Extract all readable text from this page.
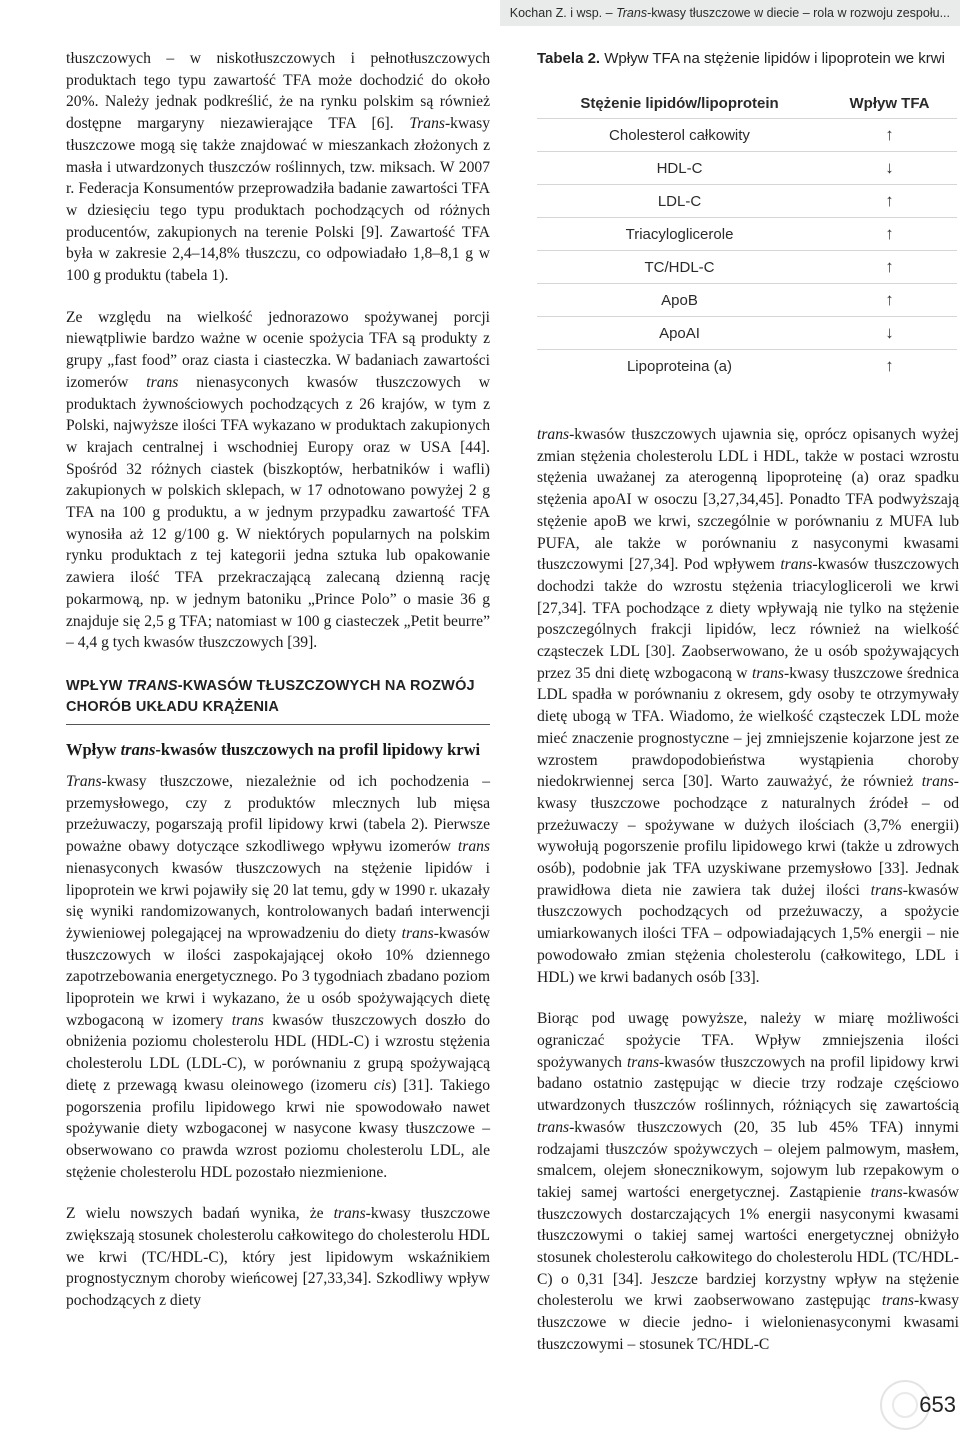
Kochan Z. i wsp. – Trans-kwasy tłuszczowe w diecie – rola w rozwoju zespołu...

tłuszczowych – w niskotłuszczowych i pełnotłuszczowych produktach tego typu zawartość TFA może dochodzić do około 20%. Należy jednak podkreślić, że na rynku polskim są również dostępne margaryny niezawierające TFA [6]. Trans-kwasy tłuszczowe mogą się także znajdować w mieszankach złożonych z masła i utwardzonych tłuszczów roślinnych, tzw. miksach. W 2007 r. Federacja Konsumentów przeprowadziła badanie zawartości TFA w dziesięciu tego typu produktach pochodzących od różnych producentów, zakupionych na terenie Polski [9]. Zawartość TFA była w zakresie 2,4–14,8% tłuszczu, co odpowiadało 1,8–8,1 g w 100 g produktu (tabela 1).

Ze względu na wielkość jednorazowo spożywanej porcji niewątpliwie bardzo ważne w ocenie spożycia TFA są produkty z grupy „fast food” oraz ciasta i ciasteczka. W badaniach zawartości izomerów trans nienasyconych kwasów tłuszczowych w produktach żywnościowych pochodzących z 26 krajów, w tym z Polski, najwyższe ilości TFA wykazano w produktach zakupionych w krajach centralnej i wschodniej Europy oraz w USA [44]. Spośród 32 różnych ciastek (biszkoptów, herbatników i wafli) zakupionych w polskich sklepach, w 17 odnotowano powyżej 2 g TFA na 100 g produktu, a w jednym przypadku zawartość TFA wynosiła aż 12 g/100 g. W niektórych popularnych na polskim rynku produktach z tej kategorii jedna sztuka lub opakowanie zawiera ilość TFA przekraczającą zalecaną dzienną rację pokarmową, np. w jednym batoniku „Prince Polo” o masie 36 g znajduje się 2,5 g TFA; natomiast w 100 g ciasteczek „Petit beurre” – 4,4 g tych kwasów tłuszczowych [39].

WPŁYW TRANS-KWASÓW TŁUSZCZOWYCH NA ROZWÓJ CHORÓB UKŁADU KRĄŻENIA
Wpływ trans-kwasów tłuszczowych na profil lipidowy krwi

Trans-kwasy tłuszczowe, niezależnie od ich pochodzenia – przemysłowego, czy z produktów mlecznych lub mięsa przeżuwaczy, pogarszają profil lipidowy krwi (tabela 2). Pierwsze poważne obawy dotyczące szkodliwego wpływu izomerów trans nienasyconych kwasów tłuszczowych na stężenie lipidów i lipoprotein we krwi pojawiły się 20 lat temu, gdy w 1990 r. ukazały się wyniki randomizowanych, kontrolowanych badań interwencji żywieniowej polegającej na wprowadzeniu do diety trans-kwasów tłuszczowych w ilości zaspokajającej około 10% dziennego zapotrzebowania energetycznego. Po 3 tygodniach zbadano poziom lipoprotein we krwi i wykazano, że u osób spożywających dietę wzbogaconą w izomery trans kwasów tłuszczowych doszło do obniżenia poziomu cholesterolu HDL (HDL-C) i wzrostu stężenia cholesterolu LDL (LDL-C), w porównaniu z grupą spożywającą dietę z przewagą kwasu oleinowego (izomeru cis) [31]. Takiego pogorszenia profilu lipidowego krwi nie spowodowało nawet spożywanie diety wzbogaconej w nasycone kwasy tłuszczowe – obserwowano co prawda wzrost poziomu cholesterolu LDL, ale stężenie cholesterolu HDL pozostało niezmienione.

Z wielu nowszych badań wynika, że trans-kwasy tłuszczowe zwiększają stosunek cholesterolu całkowitego do cholesterolu HDL we krwi (TC/HDL-C), który jest lipidowym wskaźnikiem prognostycznym choroby wieńcowej [27,33,34]. Szkodliwy wpływ pochodzących z diety

Tabela 2. Wpływ TFA na stężenie lipidów i lipoprotein we krwi
Stężenie lipidów/lipoprotein	Wpływ TFA
Cholesterol całkowity	↑
HDL-C	↓
LDL-C	↑
Triacyloglicerole	↑
TC/HDL-C	↑
ApoB	↑
ApoAI	↓
Lipoproteina (a)	↑

trans-kwasów tłuszczowych ujawnia się, oprócz opisanych wyżej zmian stężenia cholesterolu LDL i HDL, także w postaci wzrostu stężenia uważanej za aterogenną lipoproteinę (a) oraz spadku stężenia apoAI w osoczu [3,27,34,45]. Ponadto TFA podwyższają stężenie apoB we krwi, szczególnie w porównaniu z MUFA lub PUFA, ale także w porównaniu z nasyconymi kwasami tłuszczowymi [27,34]. Pod wpływem trans-kwasów tłuszczowych dochodzi także do wzrostu stężenia triacylogliceroli we krwi [27,34]. TFA pochodzące z diety wpływają nie tylko na stężenie poszczególnych frakcji lipidów, lecz również na wielkość cząsteczek LDL [30]. Zaobserwowano, że u osób spożywających przez 35 dni dietę wzbogaconą w trans-kwasy tłuszczowe średnica LDL spadła w porównaniu z okresem, gdy osoby te otrzymywały dietę ubogą w TFA. Wiadomo, że wielkość cząsteczek LDL może mieć znaczenie prognostyczne – jej zmniejszenie kojarzone jest ze wzrostem prawdopodobieństwa wystąpienia choroby niedokrwiennej serca [30]. Warto zauważyć, że również trans-kwasy tłuszczowe pochodzące z naturalnych źródeł – od przeżuwaczy – spożywane w dużych ilościach (3,7% energii) wywołują pogorszenie profilu lipidowego krwi (także u zdrowych osób), podobnie jak TFA uzyskiwane przemysłowo [33]. Jednak prawidłowa dieta nie zawiera tak dużej ilości trans-kwasów tłuszczowych pochodzących od przeżuwaczy, a spożycie umiarkowanych ilości TFA – odpowiadających 1,5% energii – nie powodowało zmian stężenia cholesterolu (całkowitego, LDL i HDL) we krwi badanych osób [33].

Biorąc pod uwagę powyższe, należy w miarę możliwości ograniczać spożycie TFA. Wpływ zmniejszenia ilości spożywanych trans-kwasów tłuszczowych na profil lipidowy krwi badano ostatnio zastępując w diecie trzy rodzaje częściowo utwardzonych tłuszczów roślinnych, różniących się zawartością trans-kwasów tłuszczowych (20, 35 lub 45% TFA) innymi rodzajami tłuszczów spożywczych – olejem palmowym, masłem, smalcem, olejem słonecznikowym, sojowym lub rzepakowym o takiej samej wartości energetycznej. Zastąpienie trans-kwasów tłuszczowych dostarczających 1% energii nasyconymi kwasami tłuszczowymi o takiej samej wartości energetycznej obniżyło stosunek cholesterolu całkowitego do cholesterolu HDL (TC/HDL-C) o 0,31 [34]. Jeszcze bardziej korzystny wpływ na stężenie cholesterolu we krwi zaobserwowano zastępując trans-kwasy tłuszczowe w diecie jedno- i wielonienasyconymi kwasami tłuszczowymi – stosunek TC/HDL-C

653
